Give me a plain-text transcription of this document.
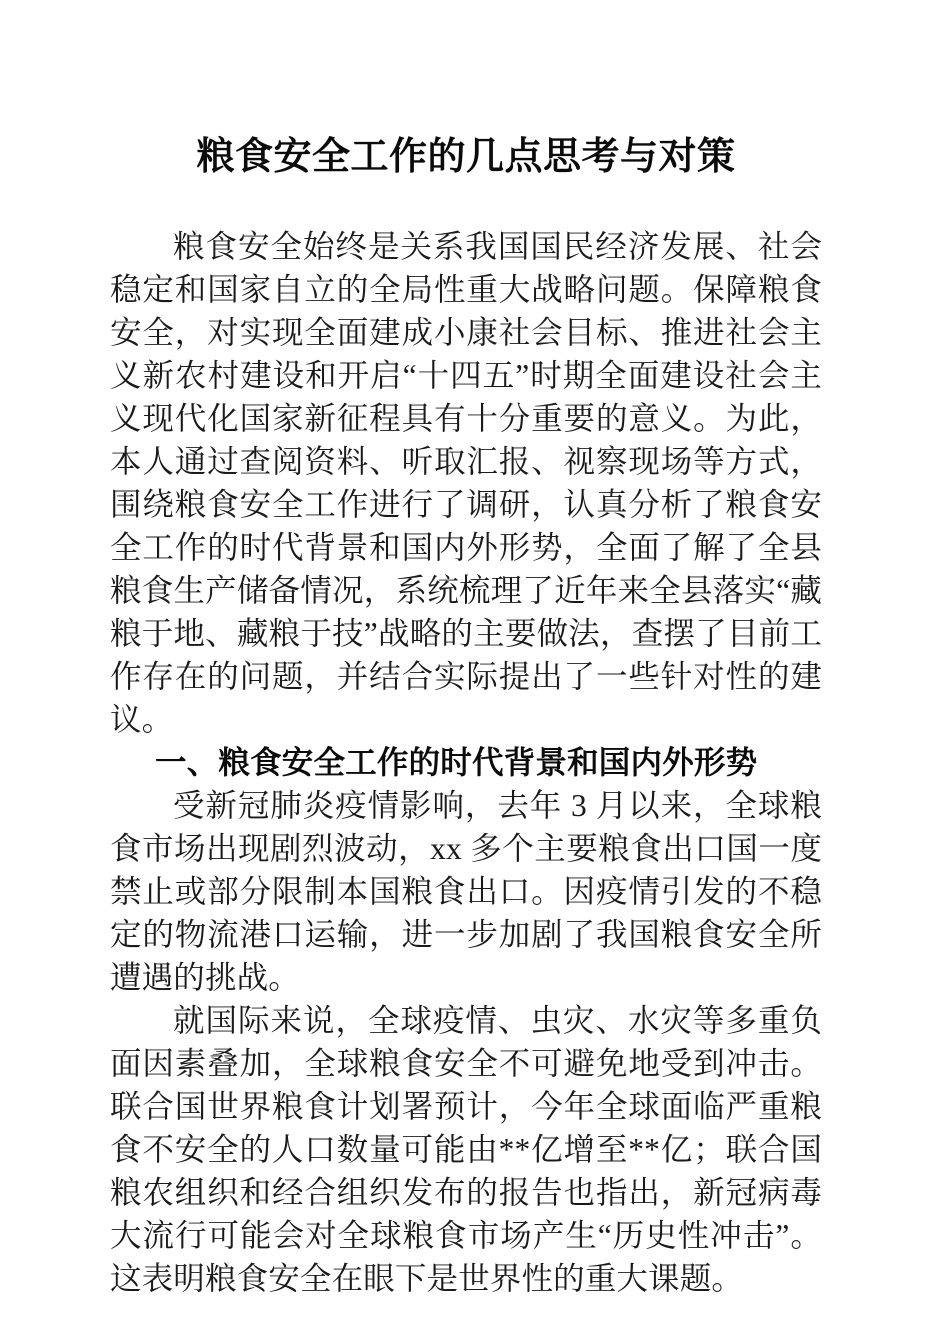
粮食安全工作的几点思考与对策

粮食安全始终是关系我国国民经济发展、社会稳定和国家自立的全局性重大战略问题。保障粮食安全，对实现全面建成小康社会目标、推进社会主义新农村建设和开启“十四五”时期全面建设社会主义现代化国家新征程具有十分重要的意义。为此，本人通过查阅资料、听取汇报、视察现场等方式，围绕粮食安全工作进行了调研，认真分析了粮食安全工作的时代背景和国内外形势，全面了解了全县粮食生产储备情况，系统梳理了近年来全县落实“藏粮于地、藏粮于技”战略的主要做法，查摆了目前工作存在的问题，并结合实际提出了一些针对性的建议。

一、粮食安全工作的时代背景和国内外形势

受新冠肺炎疫情影响，去年 3 月以来，全球粮食市场出现剧烈波动，xx 多个主要粮食出口国一度禁止或部分限制本国粮食出口。因疫情引发的不稳定的物流港口运输，进一步加剧了我国粮食安全所遭遇的挑战。

就国际来说，全球疫情、虫灾、水灾等多重负面因素叠加，全球粮食安全不可避免地受到冲击。联合国世界粮食计划署预计，今年全球面临严重粮食不安全的人口数量可能由**亿增至**亿；联合国粮农组织和经合组织发布的报告也指出，新冠病毒大流行可能会对全球粮食市场产生“历史性冲击”。这表明粮食安全在眼下是世界性的重大课题。
